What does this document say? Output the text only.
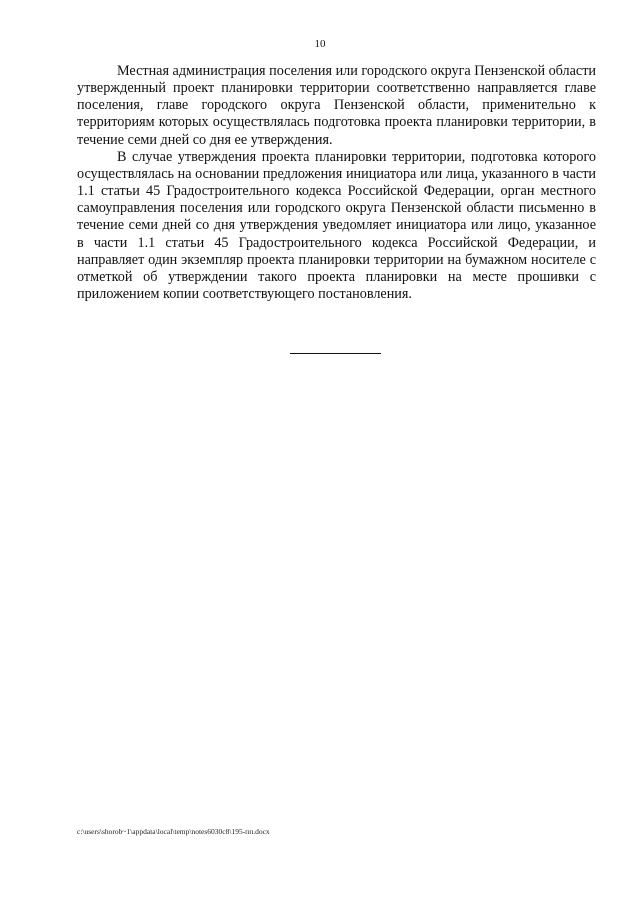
10

Местная администрация поселения или городского округа Пензенской области утвержденный проект планировки территории соответственно направляется главе поселения, главе городского округа Пензенской области, применительно к территориям которых осуществлялась подготовка проекта планировки территории, в течение семи дней со дня ее утверждения.

В случае утверждения проекта планировки территории, подготовка которого осуществлялась на основании предложения инициатора или лица, указанного в части 1.1 статьи 45 Градостроительного кодекса Российской Федерации, орган местного самоуправления поселения или городского округа Пензенской области письменно в течение семи дней со дня утверждения уведомляет инициатора или лицо, указанное в части 1.1 статьи 45 Градостроительного кодекса Российской Федерации, и направляет один экземпляр проекта планировки территории на бумажном носителе с отметкой об утверждении такого проекта планировки на месте прошивки с приложением копии соответствующего постановления.

c:\users\shorob~1\appdata\local\temp\notes6030c8\195-пп.docx
